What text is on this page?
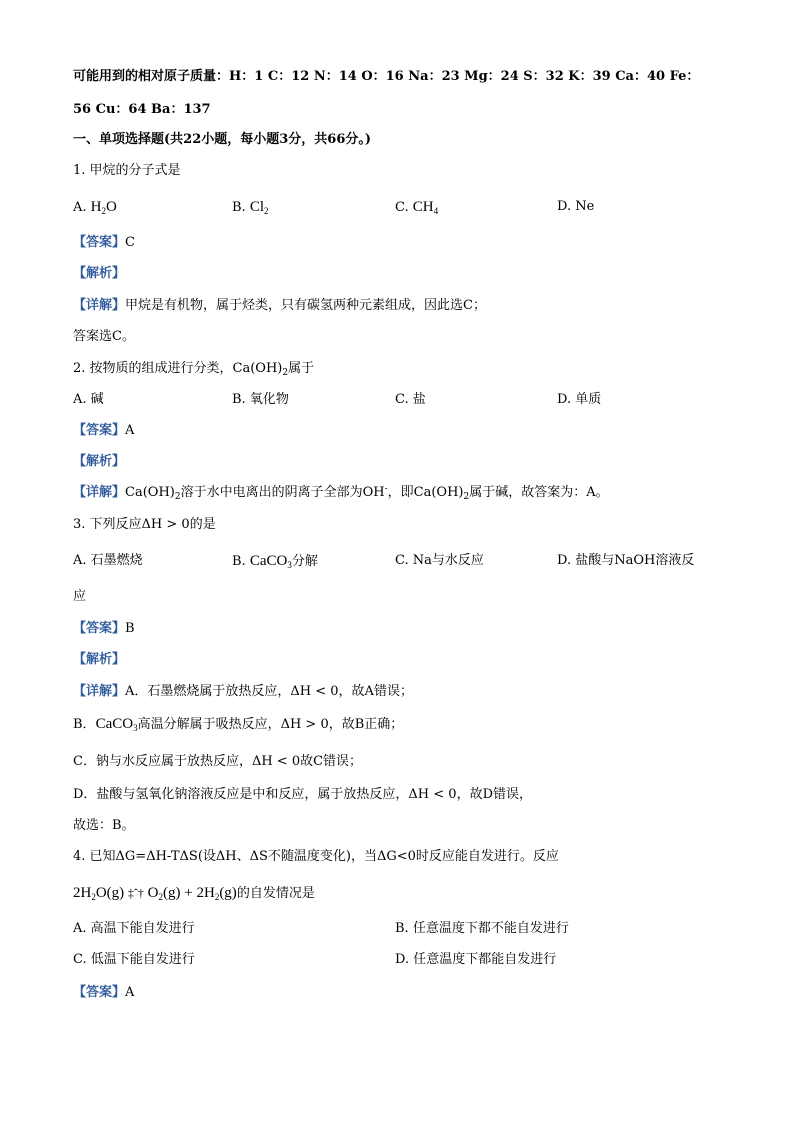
可能用到的相对原子质量：H：1 C：12 N：14 O：16 Na：23 Mg：24 S：32 K：39 Ca：40 Fe：
56 Cu：64 Ba：137
一、单项选择题(共22小题，每小题3分，共66分。)
1. 甲烷的分子式是
A. $H_2O$	B. $Cl_2$	C. $CH_4$	D. Ne
【答案】C
【解析】
【详解】甲烷是有机物，属于烃类，只有碳氢两种元素组成，因此选C；
答案选C。
2. 按物质的组成进行分类，$Ca(OH)_2$属于
A. 碱	B. 氧化物	C. 盐	D. 单质
【答案】A
【解析】
【详解】$Ca(OH)_2$溶于水中电离出的阴离子全部为OH-，即$Ca(OH)_2$属于碱，故答案为：A。
3. 下列反应ΔH > 0的是
A. 石墨燃烧	B. CaCO$_3$分解	C. Na与水反应	D. 盐酸与NaOH溶液反
应
【答案】B
【解析】
【详解】A．石墨燃烧属于放热反应，ΔH < 0，故A错误；
B．CaCO$_3$高温分解属于吸热反应，ΔH > 0，故B正确；
C．钠与水反应属于放热反应，ΔH < 0故C错误；
D．盐酸与氢氧化钠溶液反应是中和反应，属于放热反应，ΔH < 0，故D错误，
故选：B。
4. 已知ΔG=ΔH-TΔS(设ΔH、ΔS不随温度变化)，当ΔG<0时反应能自发进行。反应
$2H_2O(g)$ ‡ˆ† $O_2(g) + 2H_2(g)$的自发情况是
A. 高温下能自发进行	B. 任意温度下都不能自发进行
C. 低温下能自发进行	D. 任意温度下都能自发进行
【答案】A
